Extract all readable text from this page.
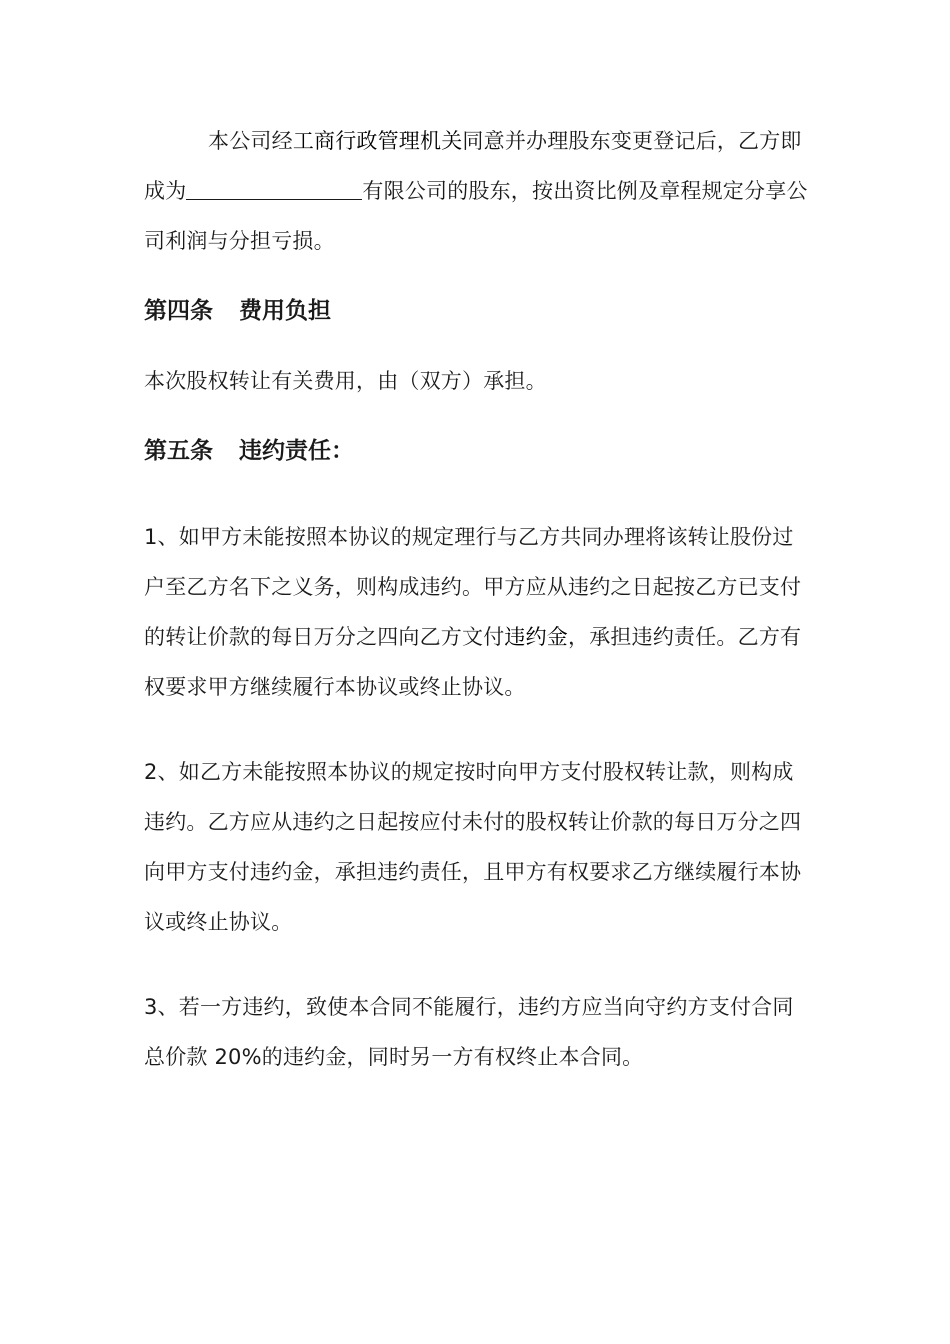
本公司经工商行政管理机关同意并办理股东变更登记后，乙方即成为	有限公司的股东，按出资比例及章程规定分享公司利润与分担亏损。

第四条 费用负担

本次股权转让有关费用，由（双方）承担。

第五条 违约责任：

1、如甲方未能按照本协议的规定理行与乙方共同办理将该转让股份过户至乙方名下之义务，则构成违约。甲方应从违约之日起按乙方已支付的转让价款的每日万分之四向乙方文付违约金，承担违约责任。乙方有权要求甲方继续履行本协议或终止协议。

2、如乙方未能按照本协议的规定按时向甲方支付股权转让款，则构成违约。乙方应从违约之日起按应付未付的股权转让价款的每日万分之四向甲方支付违约金，承担违约责任，且甲方有权要求乙方继续履行本协议或终止协议。

3、若一方违约，致使本合同不能履行，违约方应当向守约方支付合同总价款 20%的违约金，同时另一方有权终止本合同。
